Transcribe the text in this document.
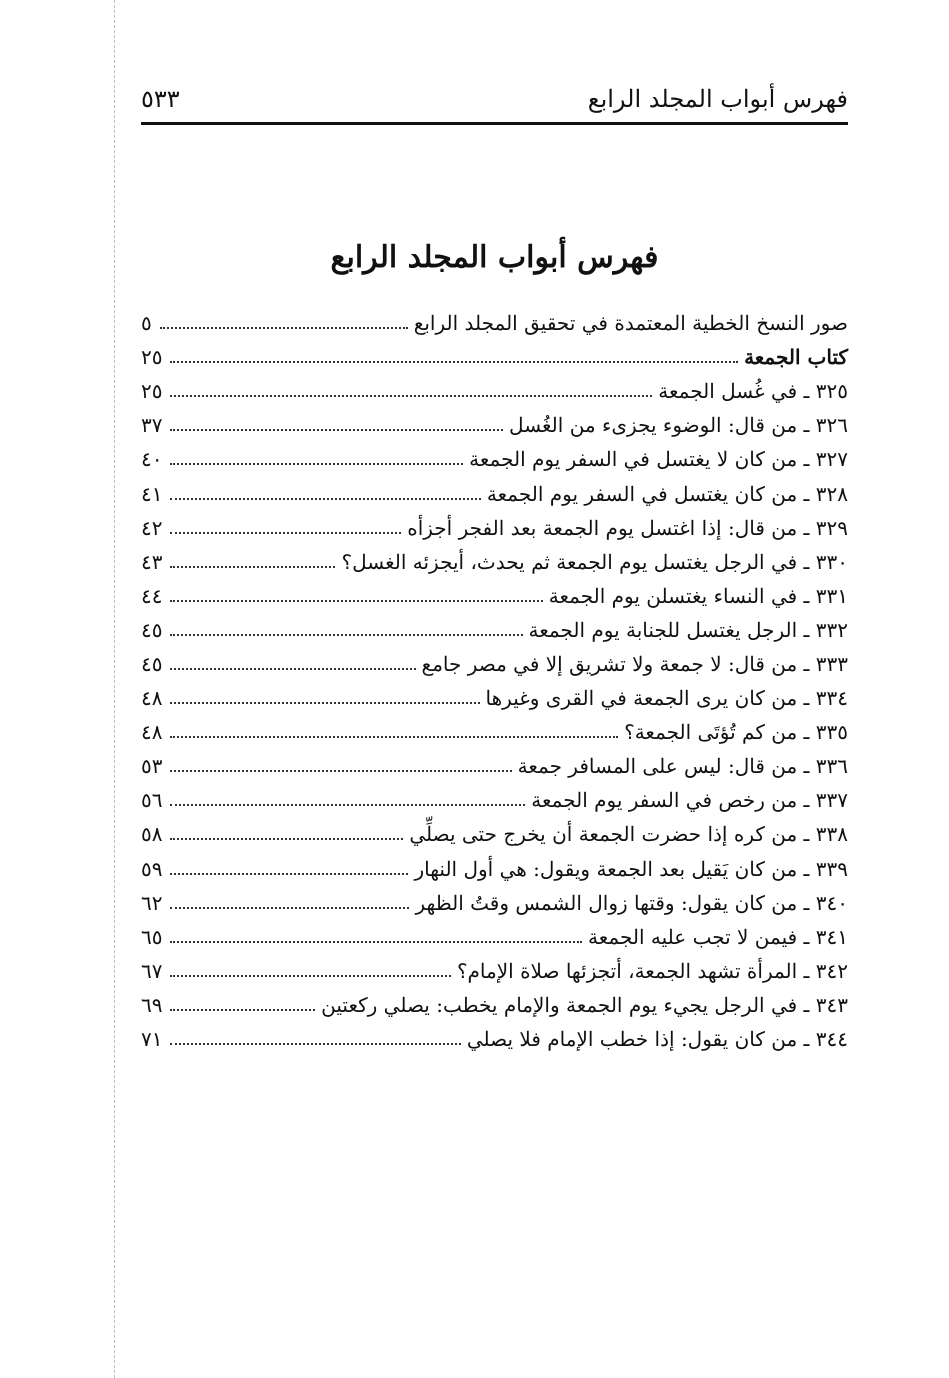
فهرس أبواب المجلد الرابع
٥٣٣
فهرس أبواب المجلد الرابع
صور النسخ الخطية المعتمدة في تحقيق المجلد الرابع
٥
كتاب الجمعة
٢٥
٣٢٥ ـ في غُسل الجمعة
٢٥
٣٢٦ ـ من قال: الوضوء يجزىء من الغُسل
٣٧
٣٢٧ ـ من كان لا يغتسل في السفر يوم الجمعة
٤٠
٣٢٨ ـ من كان يغتسل في السفر يوم الجمعة
٤١
٣٢٩ ـ من قال: إذا اغتسل يوم الجمعة بعد الفجر أجزأه
٤٢
٣٣٠ ـ في الرجل يغتسل يوم الجمعة ثم يحدث، أيجزئه الغسل؟
٤٣
٣٣١ ـ في النساء يغتسلن يوم الجمعة
٤٤
٣٣٢ ـ الرجل يغتسل للجنابة يوم الجمعة
٤٥
٣٣٣ ـ من قال: لا جمعة ولا تشريق إلا في مصر جامع
٤٥
٣٣٤ ـ من كان يرى الجمعة في القرى وغيرها
٤٨
٣٣٥ ـ من كم تُؤتَى الجمعة؟
٤٨
٣٣٦ ـ من قال: ليس على المسافر جمعة
٥٣
٣٣٧ ـ من رخص في السفر يوم الجمعة
٥٦
٣٣٨ ـ من كره إذا حضرت الجمعة أن يخرج حتى يصلِّي
٥٨
٣٣٩ ـ من كان يَقيل بعد الجمعة ويقول: هي أول النهار
٥٩
٣٤٠ ـ من كان يقول: وقتها زوال الشمس وقتُ الظهر
٦٢
٣٤١ ـ فيمن لا تجب عليه الجمعة
٦٥
٣٤٢ ـ المرأة تشهد الجمعة، أتجزئها صلاة الإمام؟
٦٧
٣٤٣ ـ في الرجل يجيء يوم الجمعة والإمام يخطب: يصلي ركعتين
٦٩
٣٤٤ ـ من كان يقول: إذا خطب الإمام فلا يصلي
٧١
